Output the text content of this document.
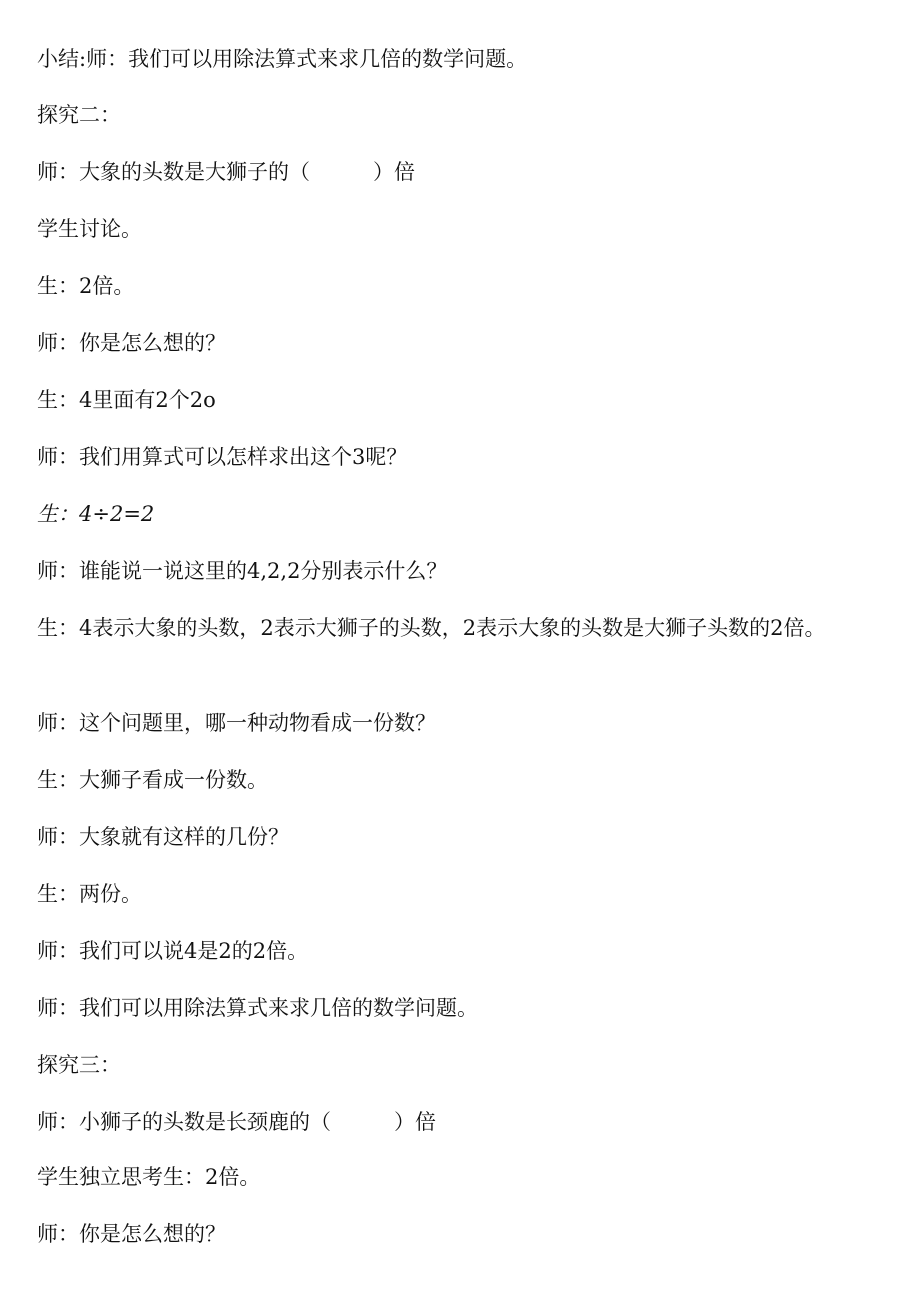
小结:师：我们可以用除法算式来求几倍的数学问题。
探究二：
师：大象的头数是大狮子的（　　　）倍
学生讨论。
生：2倍。
师：你是怎么想的？
生：4里面有2个2o
师：我们用算式可以怎样求出这个3呢？
生：4÷2=2
师：谁能说一说这里的4,2,2分别表示什么？
生：4表示大象的头数，2表示大狮子的头数，2表示大象的头数是大狮子头数的2倍。
师：这个问题里，哪一种动物看成一份数？
生：大狮子看成一份数。
师：大象就有这样的几份？
生：两份。
师：我们可以说4是2的2倍。
师：我们可以用除法算式来求几倍的数学问题。
探究三：
师：小狮子的头数是长颈鹿的（　　　）倍
学生独立思考生：2倍。
师：你是怎么想的？
